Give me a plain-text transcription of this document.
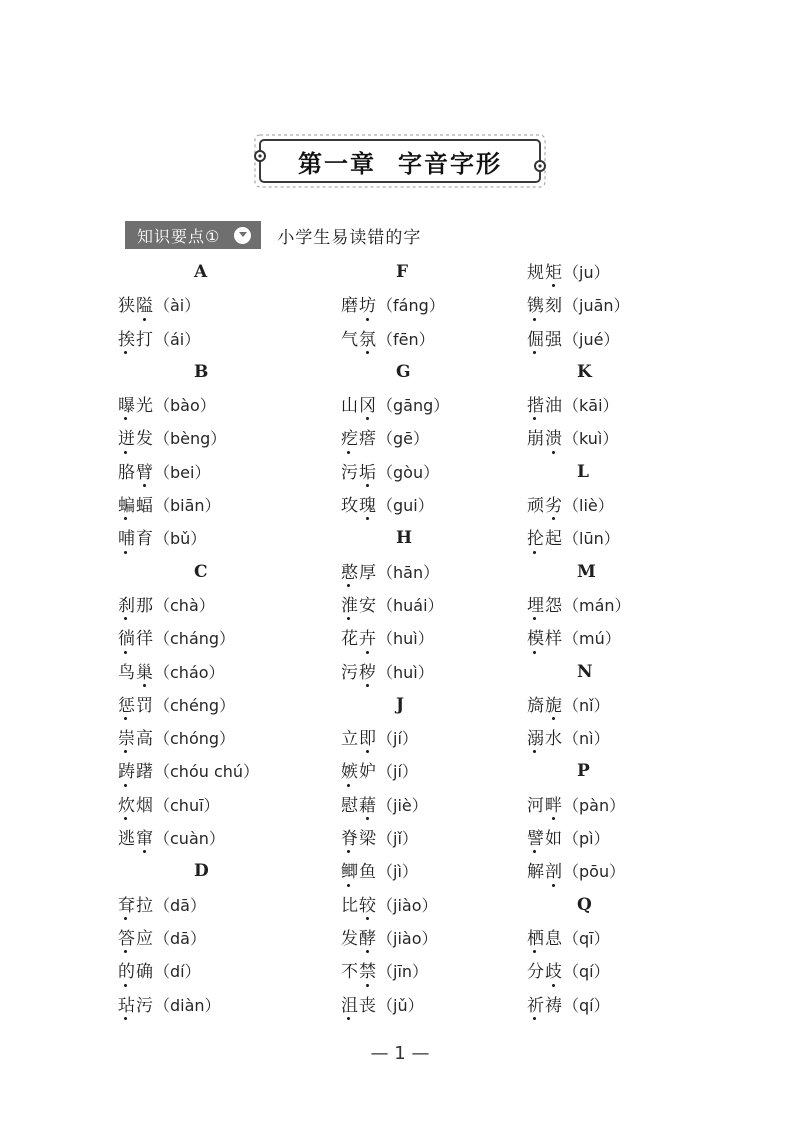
第一章 字音字形
知识要点①	小学生易读错的字
A
狭隘（ài）
挨打（ái）
B
曝光（bào）
迸发（bèng）
胳臂（bei）
蝙蝠（biān）
哺育（bǔ）
C
刹那（chà）
徜徉（cháng）
鸟巢（cháo）
惩罚（chéng）
崇高（chóng）
踌躇（chóu chú）
炊烟（chuī）
逃窜（cuàn）
D
耷拉（dā）
答应（dā）
的确（dí）
玷污（diàn）
F
磨坊（fáng）
气氛（fēn）
G
山冈（gāng）
疙瘩（gē）
污垢（gòu）
玫瑰（gui）
H
憨厚（hān）
淮安（huái）
花卉（huì）
污秽（huì）
J
立即（jí）
嫉妒（jí）
慰藉（jiè）
脊梁（jǐ）
鲫鱼（jì）
比较（jiào）
发酵（jiào）
不禁（jīn）
沮丧（jǔ）
规矩（ju）
镌刻（juān）
倔强（jué）
K
揩油（kāi）
崩溃（kuì）
L
顽劣（liè）
抡起（lūn）
M
埋怨（mán）
模样（mú）
N
旖旎（nǐ）
溺水（nì）
P
河畔（pàn）
譬如（pì）
解剖（pōu）
Q
栖息（qī）
分歧（qí）
祈祷（qí）
— 1 —
